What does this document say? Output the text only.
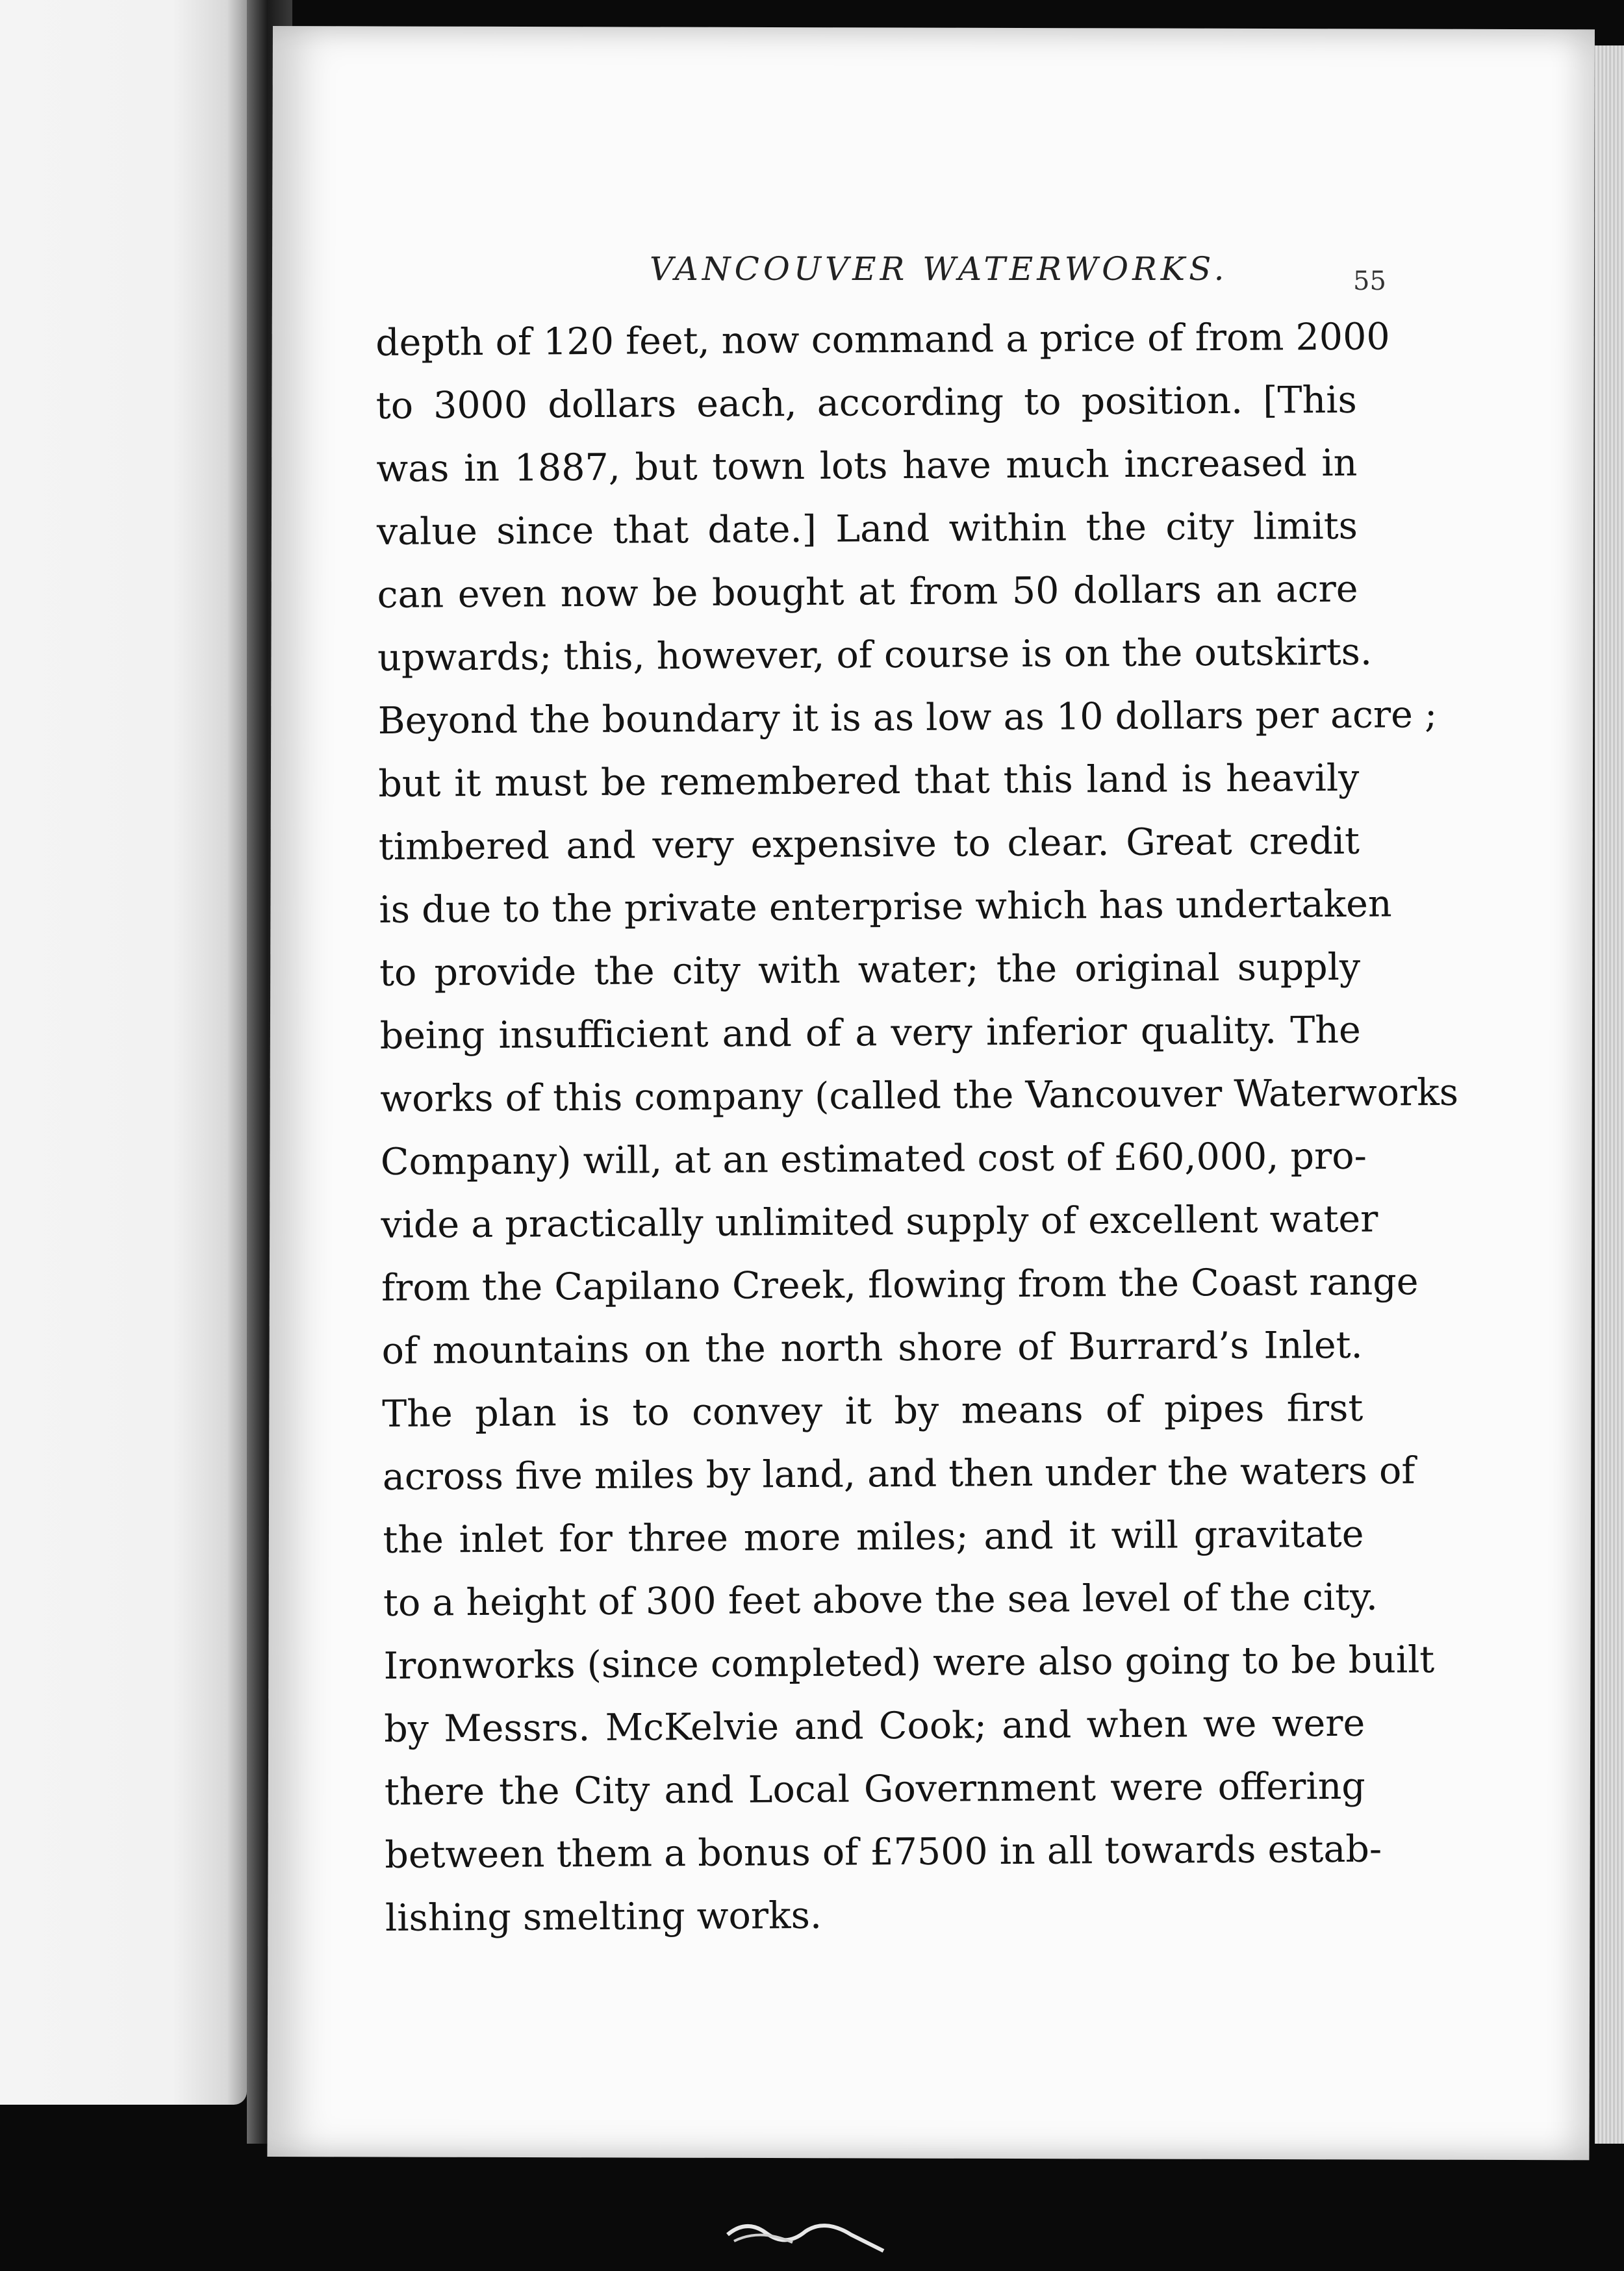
VANCOUVER WATERWORKS.	55
depth of 120 feet, now command a price of from 2000
to 3000 dollars each, according to position. [This
was in 1887, but town lots have much increased in
value since that date.] Land within the city limits
can even now be bought at from 50 dollars an acre
upwards; this, however, of course is on the outskirts.
Beyond the boundary it is as low as 10 dollars per acre ;
but it must be remembered that this land is heavily
timbered and very expensive to clear. Great credit
is due to the private enterprise which has undertaken
to provide the city with water; the original supply
being insufficient and of a very inferior quality. The
works of this company (called the Vancouver Waterworks
Company) will, at an estimated cost of £60,000, pro-
vide a practically unlimited supply of excellent water
from the Capilano Creek, flowing from the Coast range
of mountains on the north shore of Burrard’s Inlet.
The plan is to convey it by means of pipes first
across five miles by land, and then under the waters of
the inlet for three more miles; and it will gravitate
to a height of 300 feet above the sea level of the city.
Ironworks (since completed) were also going to be built
by Messrs. McKelvie and Cook; and when we were
there the City and Local Government were offering
between them a bonus of £7500 in all towards estab-
lishing smelting works.
